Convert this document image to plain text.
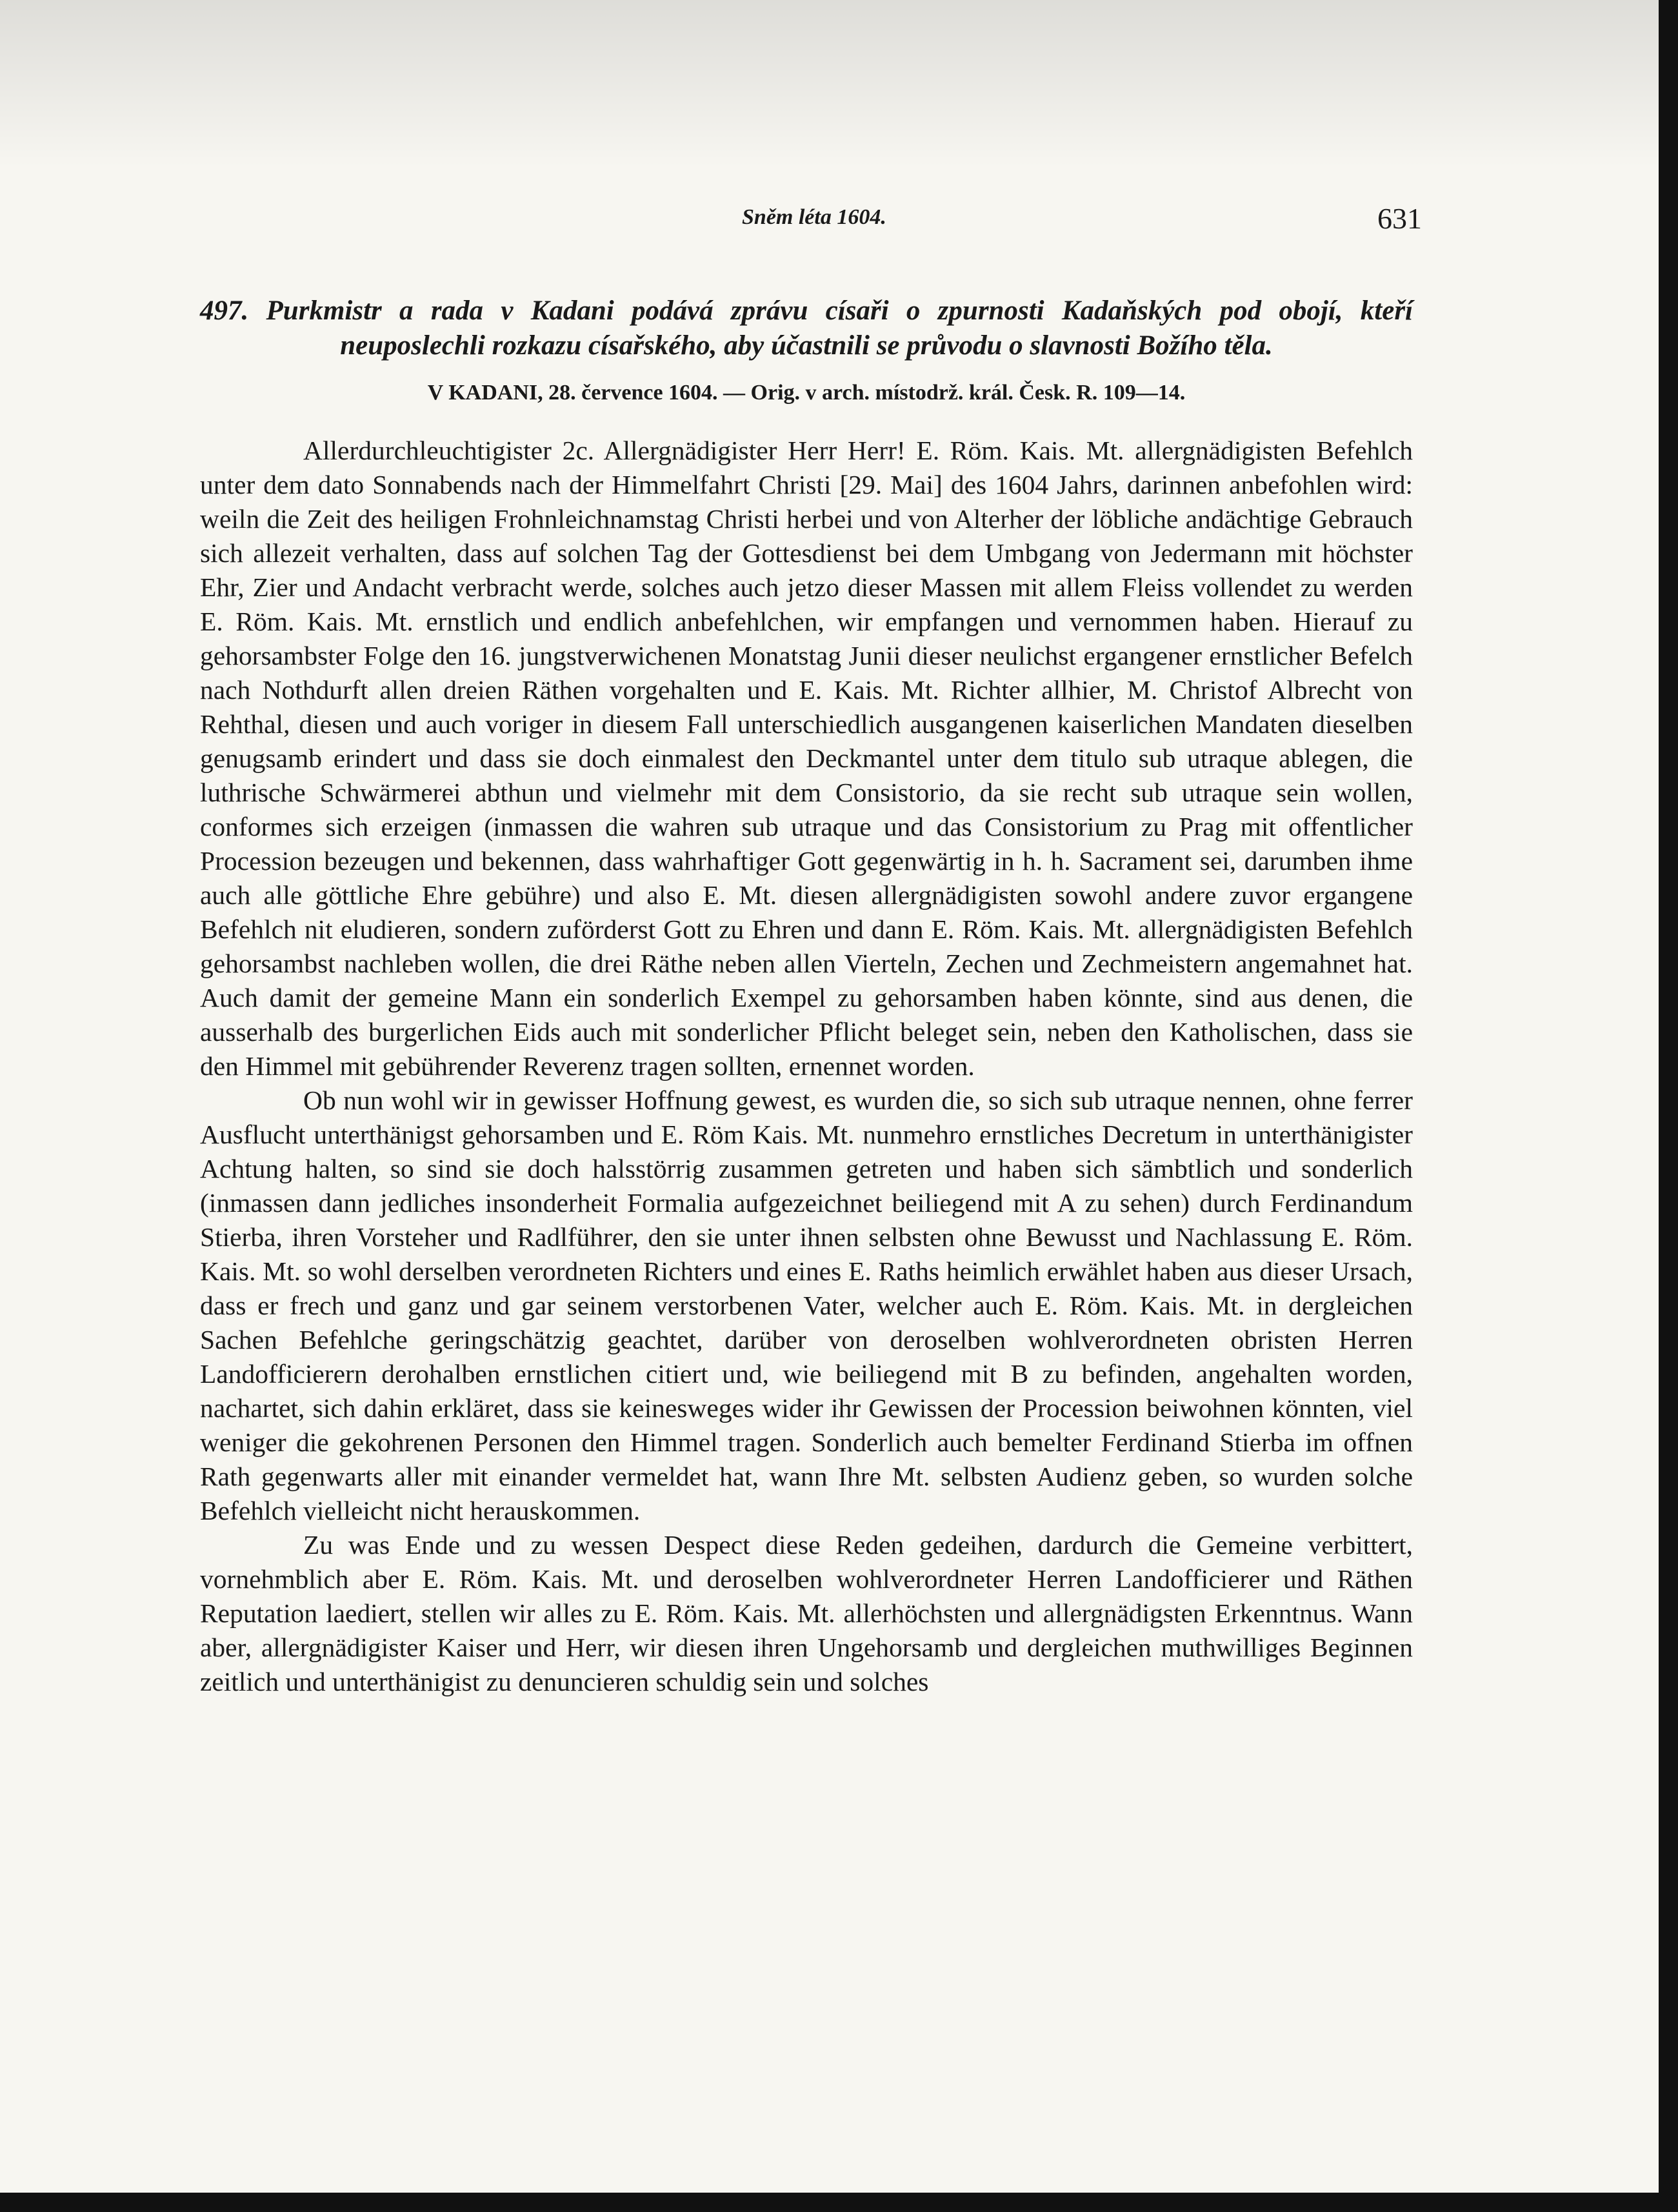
Sněm léta 1604.	631
497. Purkmistr a rada v Kadani podává zprávu císaři o zpurnosti Kadaňských pod obojí, kteří neuposlechli rozkazu císařského, aby účastnili se průvodu o slavnosti Božího těla.
V KADANI, 28. července 1604. — Orig. v arch. místodrž. král. Česk. R. 109—14.

Allerdurchleuchtigister 2c. Allergnädigister Herr Herr! E. Röm. Kais. Mt. allergnädigisten Befehlch unter dem dato Sonnabends nach der Himmelfahrt Christi [29. Mai] des 1604 Jahrs, darinnen anbefohlen wird: weiln die Zeit des heiligen Frohnleichnamstag Christi herbei und von Alterher der löbliche andächtige Gebrauch sich allezeit verhalten, dass auf solchen Tag der Gottesdienst bei dem Umbgang von Jedermann mit höchster Ehr, Zier und Andacht verbracht werde, solches auch jetzo dieser Massen mit allem Fleiss vollendet zu werden E. Röm. Kais. Mt. ernstlich und endlich anbefehlchen, wir empfangen und vernommen haben. Hierauf zu gehorsambster Folge den 16. jungstverwichenen Monatstag Junii dieser neulichst ergangener ernstlicher Befelch nach Nothdurft allen dreien Räthen vorgehalten und E. Kais. Mt. Richter allhier, M. Christof Albrecht von Rehthal, diesen und auch voriger in diesem Fall unterschiedlich ausgangenen kaiserlichen Mandaten dieselben genugsamb erindert und dass sie doch einmalest den Deckmantel unter dem titulo sub utraque ablegen, die luthrische Schwärmerei abthun und vielmehr mit dem Consistorio, da sie recht sub utraque sein wollen, conformes sich erzeigen (inmassen die wahren sub utraque und das Consistorium zu Prag mit offentlicher Procession bezeugen und bekennen, dass wahrhaftiger Gott gegenwärtig in h. h. Sacrament sei, darumben ihme auch alle göttliche Ehre gebühre) und also E. Mt. diesen allergnädigisten sowohl andere zuvor ergangene Befehlch nit eludieren, sondern zuförderst Gott zu Ehren und dann E. Röm. Kais. Mt. allergnädigisten Befehlch gehorsambst nachleben wollen, die drei Räthe neben allen Vierteln, Zechen und Zechmeistern angemahnet hat. Auch damit der gemeine Mann ein sonderlich Exempel zu gehorsamben haben könnte, sind aus denen, die ausserhalb des burgerlichen Eids auch mit sonderlicher Pflicht beleget sein, neben den Katholischen, dass sie den Himmel mit gebührender Reverenz tragen sollten, ernennet worden.

Ob nun wohl wir in gewisser Hoffnung gewest, es wurden die, so sich sub utraque nennen, ohne ferrer Ausflucht unterthänigst gehorsamben und E. Röm Kais. Mt. nunmehro ernstliches Decretum in unterthänigister Achtung halten, so sind sie doch halsstörrig zusammen getreten und haben sich sämbtlich und sonderlich (inmassen dann jedliches insonderheit Formalia aufgezeichnet beiliegend mit A zu sehen) durch Ferdinandum Stierba, ihren Vorsteher und Radlführer, den sie unter ihnen selbsten ohne Bewusst und Nachlassung E. Röm. Kais. Mt. so wohl derselben verordneten Richters und eines E. Raths heimlich erwählet haben aus dieser Ursach, dass er frech und ganz und gar seinem verstorbenen Vater, welcher auch E. Röm. Kais. Mt. in dergleichen Sachen Befehlche geringschätzig geachtet, darüber von deroselben wohlverordneten obristen Herren Landofficierern derohalben ernstlichen citiert und, wie beiliegend mit B zu befinden, angehalten worden, nachartet, sich dahin erkläret, dass sie keinesweges wider ihr Gewissen der Procession beiwohnen könnten, viel weniger die gekohrenen Personen den Himmel tragen. Sonderlich auch bemelter Ferdinand Stierba im offnen Rath gegenwarts aller mit einander vermeldet hat, wann Ihre Mt. selbsten Audienz geben, so wurden solche Befehlch vielleicht nicht herauskommen.

Zu was Ende und zu wessen Despect diese Reden gedeihen, dardurch die Gemeine verbittert, vornehmblich aber E. Röm. Kais. Mt. und deroselben wohlverordneter Herren Landofficierer und Räthen Reputation laediert, stellen wir alles zu E. Röm. Kais. Mt. allerhöchsten und allergnädigsten Erkenntnus. Wann aber, allergnädigister Kaiser und Herr, wir diesen ihren Ungehorsamb und dergleichen muthwilliges Beginnen zeitlich und unterthänigist zu denuncieren schuldig sein und solches
